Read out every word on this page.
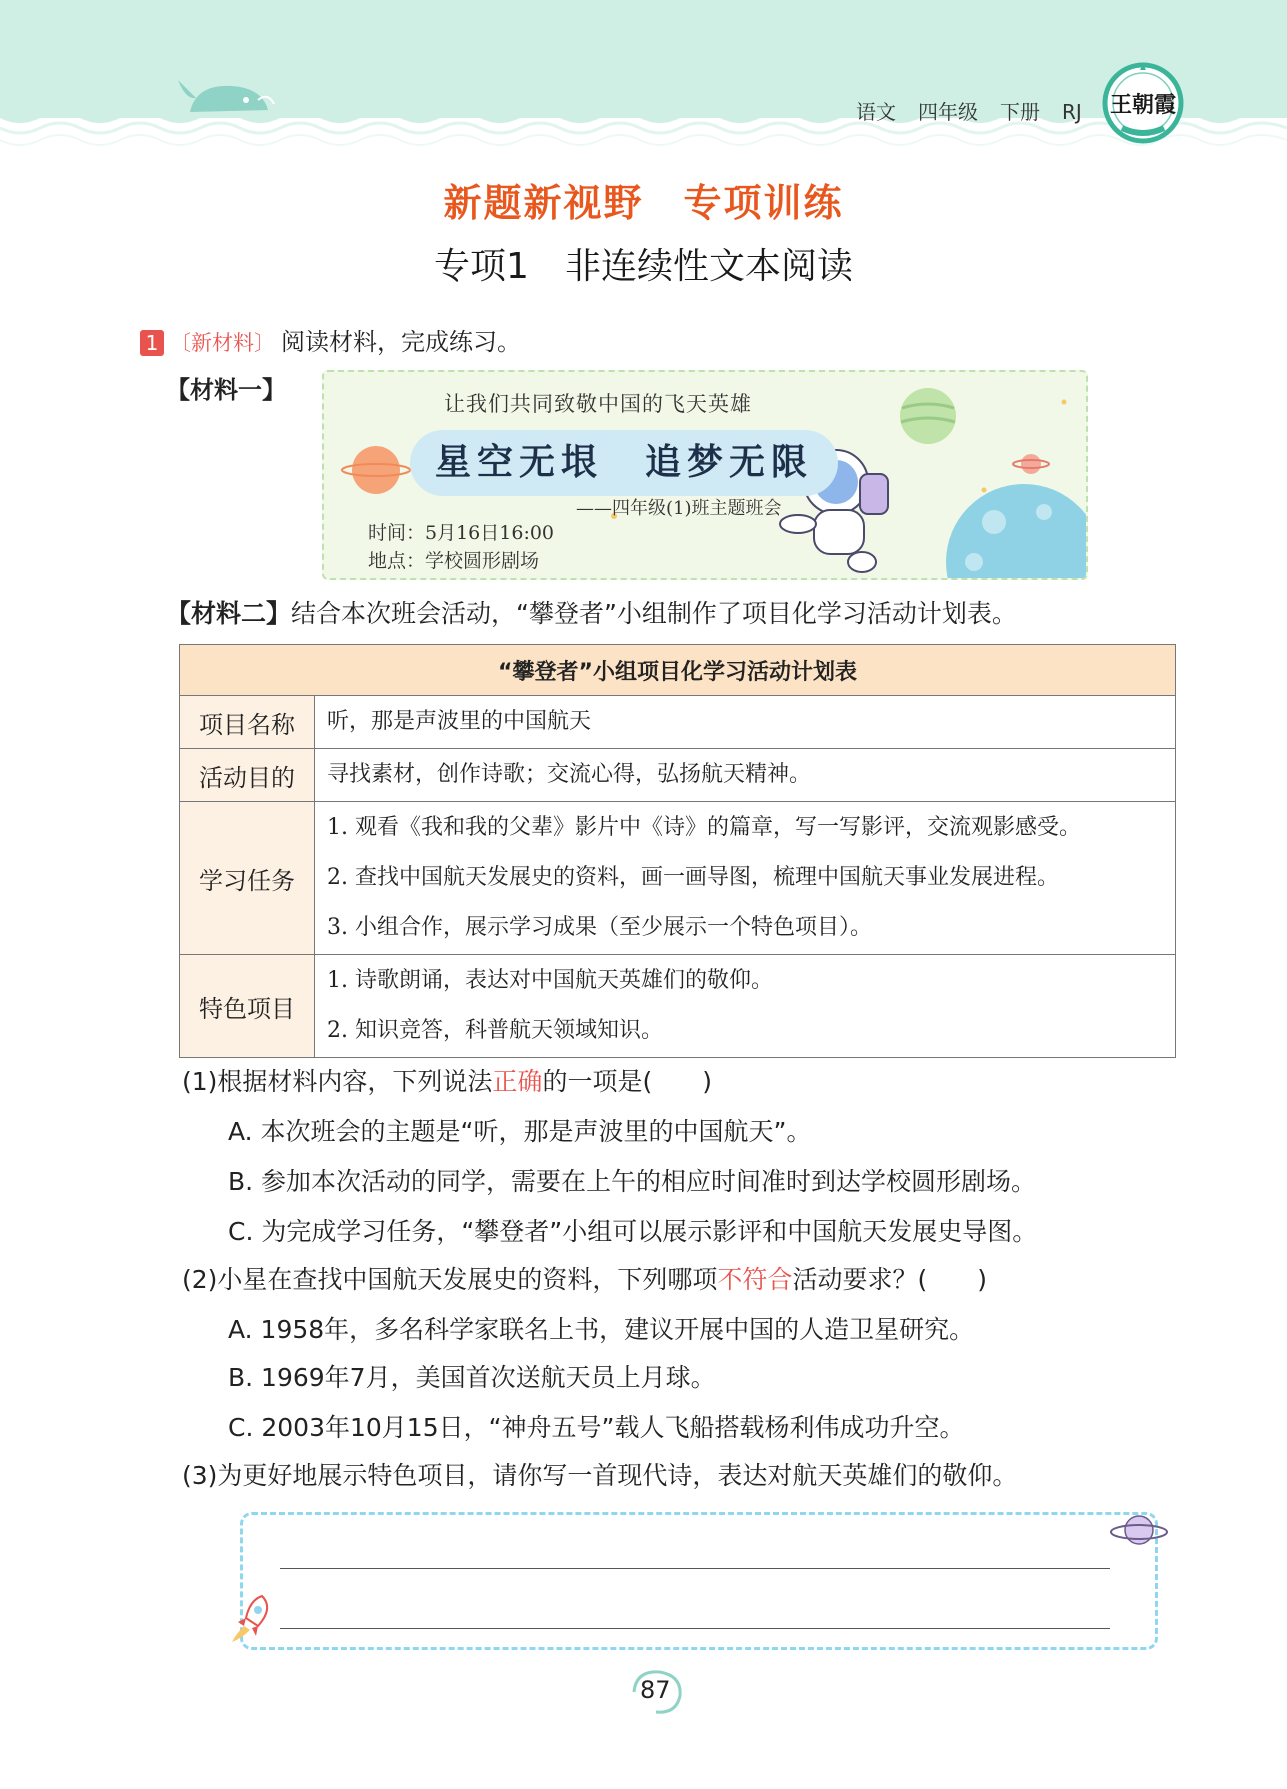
语文 四年级 下册 RJ	王朝霞
新题新视野　专项训练
专项1　非连续性文本阅读
1 〔新材料〕 阅读材料，完成练习。
【材料一】	让我们共同致敬中国的飞天英雄
星空无垠　追梦无限
——四年级(1)班主题班会
时间：5月16日16:00
地点：学校圆形剧场
【材料二】结合本次班会活动，“攀登者”小组制作了项目化学习活动计划表。
“攀登者”小组项目化学习活动计划表	
项目名称	听，那是声波里的中国航天

活动目的	寻找素材，创作诗歌；交流心得，弘扬航天精神。

学习任务	1. 观看《我和我的父辈》影片中《诗》的篇章，写一写影评，交流观影感受。
2. 查找中国航天发展史的资料，画一画导图，梳理中国航天事业发展进程。
3. 小组合作，展示学习成果（至少展示一个特色项目）。

特色项目	1. 诗歌朗诵，表达对中国航天英雄们的敬仰。
2. 知识竞答，科普航天领域知识。
(1)根据材料内容，下列说法正确的一项是(　　)
A. 本次班会的主题是“听，那是声波里的中国航天”。
B. 参加本次活动的同学，需要在上午的相应时间准时到达学校圆形剧场。
C. 为完成学习任务，“攀登者”小组可以展示影评和中国航天发展史导图。
(2)小星在查找中国航天发展史的资料，下列哪项不符合活动要求？(　　)
A. 1958年，多名科学家联名上书，建议开展中国的人造卫星研究。
B. 1969年7月，美国首次送航天员上月球。
C. 2003年10月15日，“神舟五号”载人飞船搭载杨利伟成功升空。
(3)为更好地展示特色项目，请你写一首现代诗，表达对航天英雄们的敬仰。
87
